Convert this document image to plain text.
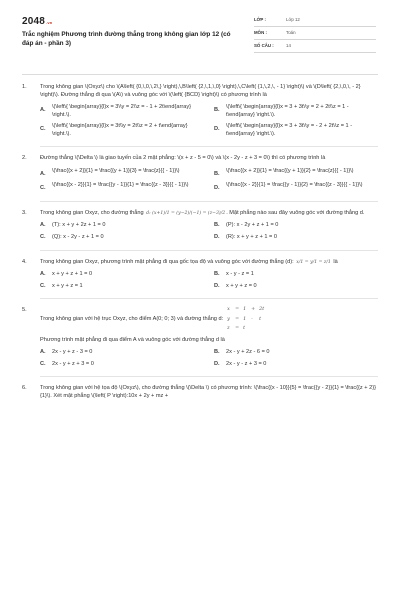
2048.vn
Trắc nghiệm Phương trình đường thẳng trong không gian lớp 12 (có đáp án - phần 3)
LỚP :	Lớp 12
MÔN :	Toán
SỐ CÂU :	14
1.	Trong không gian \(Oxyz\) cho \(A\left( {0,\,0,\,2\,} \right),\,B\left( {2,\,1,\,0} \right),\,C\left( {1,\,2,\, - 1} \right)\) và \(D\left( {2,\,0,\, - 2} \right)\). Đường thẳng đi qua \(A\) và vuông góc với \(\left( {BCD} \right)\) có phương trình là
A.	\(\left\{ \begin{array}{l}x = 3\\y = 2\\z = - 1 + 2t\end{array} \right.\).
B.	\(\left\{ \begin{array}{l}x = 3 + 3t\\y = 2 + 2t\\z = 1 - t\end{array} \right.\).
C.	\(\left\{ \begin{array}{l}x = 3t\\y = 2t\\z = 2 + t\end{array} \right.\).
D.	\(\left\{ \begin{array}{l}x = 3 + 3t\\y = - 2 + 2t\\z = 1 - t\end{array} \right.\).
2.	Đường thẳng \(\Delta \) là giao tuyến của 2 mặt phẳng: \(x + z - 5 = 0\) và \(x - 2y - z + 3 = 0\) thì có phương trình là
A.	\(\frac{{x + 2}}{1} = \frac{{y + 1}}{3} = \frac{z}{{ - 1}}\)	B.	\(\frac{{x + 2}}{1} = \frac{{y + 1}}{2} = \frac{z}{{ - 1}}\)
C.	\(\frac{{x - 2}}{1} = \frac{{y - 1}}{1} = \frac{{z - 3}}{{ - 1}}\)	D.	\(\frac{{x - 2}}{1} = \frac{{y - 1}}{2} = \frac{{z - 3}}{{ - 1}}\)
3.	Trong không gian Oxyz, cho đường thẳng d: (x+1)/1 = (y−2)/(−1) = (z−3)/2. Mặt phẳng nào sau đây vuông góc với đường thẳng d.
A.	(T): x + y + 2z + 1 = 0	B.	(P): x - 2y + z + 1 = 0
C.	(Q): x - 2y - z + 1 = 0	D.	(R): x + y + z + 1 = 0
4.	Trong không gian Oxyz, phương trình mặt phẳng đi qua gốc tọa độ và vuông góc với đường thẳng (d): x/1 = y/1 = z/1 là
A.	x + y + z + 1 = 0	B.	x - y - z = 1
C.	x + y + z = 1	D.	x + y + z = 0
5.
Trong không gian với hệ trục Oxyz, cho điểm A(0; 0; 3) và đường thẳng d:
x	= 1	+ 2t
y	= 1	-	t
z	= t
Phương trình mặt phẳng đi qua điểm A và vuông góc với đường thẳng d là
A.	2x - y + z - 3 = 0	B.	2x - y + 2z - 6 = 0
C.	2x - y + z + 3 = 0	D.	2x - y - z + 3 = 0
6.	Trong không gian với hệ tọa độ \(Oxyz\), cho đường thẳng \(\Delta \) có phương trình: \(\frac{{x - 10}}{5} = \frac{{y - 2}}{1} = \frac{{z + 2}}{1}\). Xét mặt phẳng \(\left( P \right):10x + 2y + mz +
